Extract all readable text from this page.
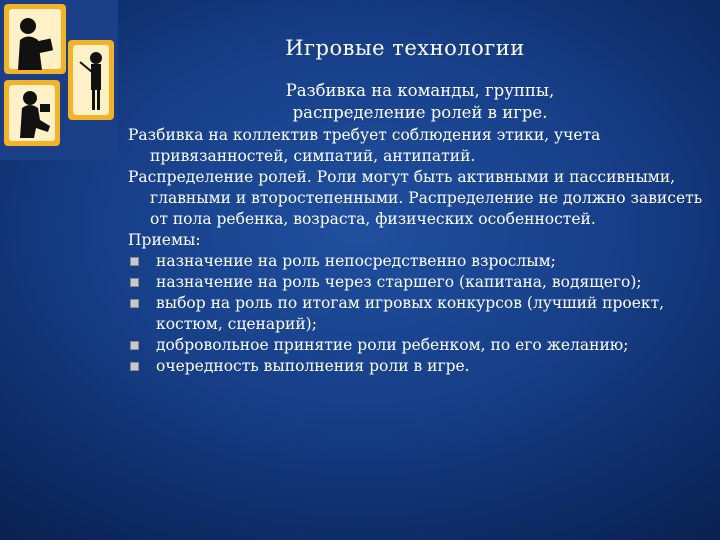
Игровые технологии
Разбивка на команды, группы,
распределение ролей в игре.

Разбивка на коллектив требует соблюдения этики, учета привязанностей, симпатий, антипатий.

Распределение ролей. Роли могут быть активными и пассивными, главными и второстепенными. Распределение не должно зависеть от пола ребенка, возраста, физических особенностей.

Приемы:

назначение на роль непосредственно взрослым;
назначение на роль через старшего (капитана, водящего);
выбор на роль по итогам игровых конкурсов (лучший проект, костюм, сценарий);
добровольное принятие роли ребенком, по его желанию;
очередность выполнения роли в игре.
